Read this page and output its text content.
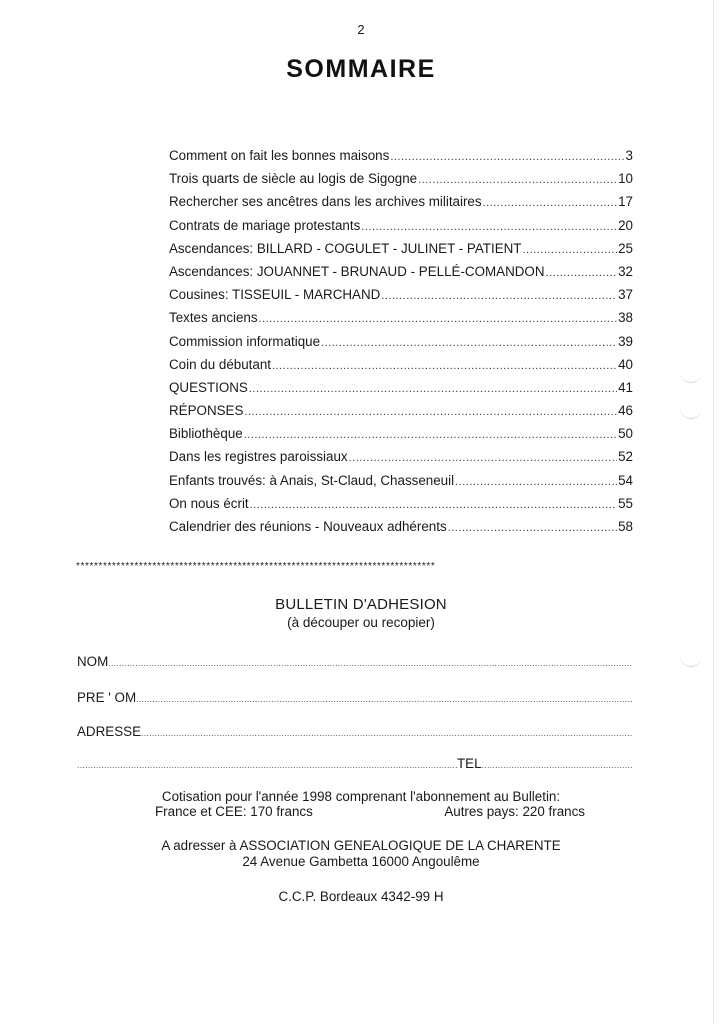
2
SOMMAIRE
Comment on fait les bonnes maisons .....	3
Trois quarts de siècle au logis de Sigogne .....	10
Rechercher ses ancêtres dans les archives militaires .....	17
Contrats de mariage protestants .....	20
Ascendances: BILLARD - COGULET - JULINET - PATIENT .....	25
Ascendances: JOUANNET - BRUNAUD - PELLÉ-COMANDON .....	32
Cousines: TISSEUIL - MARCHAND .....	37
Textes anciens .....	38
Commission informatique .....	39
Coin du débutant .....	40
QUESTIONS .....	41
RÉPONSES .....	46
Bibliothèque .....	50
Dans les registres paroissiaux .....	52
Enfants trouvés: à Anais, St-Claud, Chasseneuil .....	54
On nous écrit .....	55
Calendrier des réunions - Nouveaux adhérents .....	58
********************************************************************************
BULLETIN D'ADHESION
(à découper ou recopier)
NOM
.....
PRE ' OM
.....
ADRESSE
.....
.....
TEL
.....
Cotisation pour l'année 1998 comprenant l'abonnement au Bulletin:
France et CEE: 170 francs	Autres pays: 220 francs
A adresser à ASSOCIATION GENEALOGIQUE DE LA CHARENTE
24 Avenue Gambetta 16000 Angoulême
C.C.P. Bordeaux 4342-99 H
